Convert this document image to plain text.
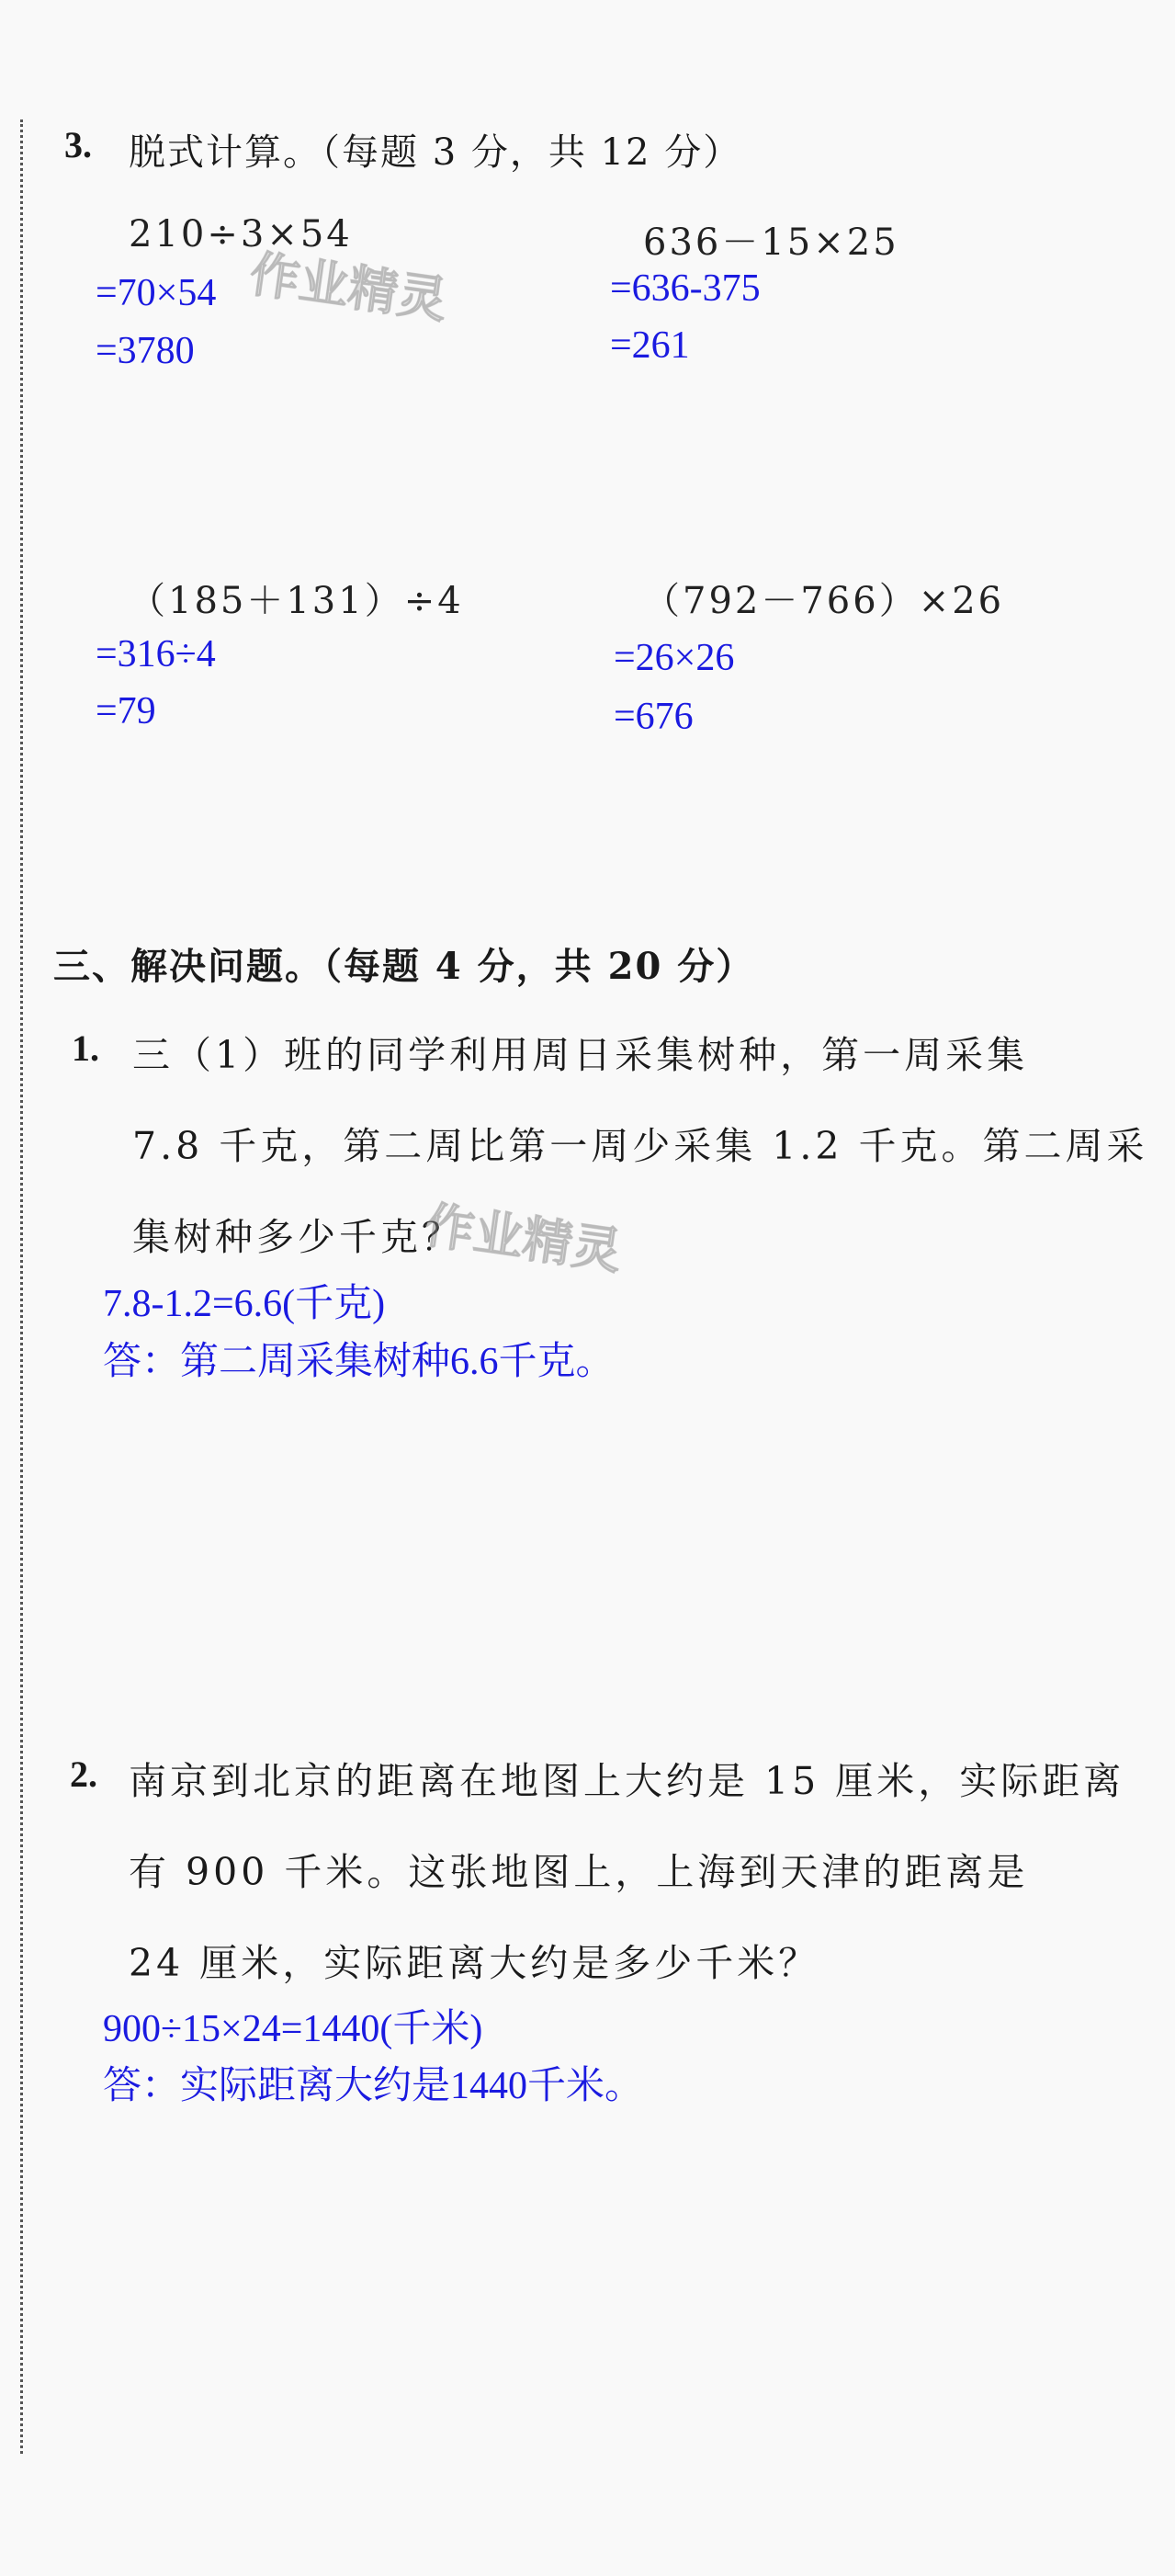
3. 脱式计算。（每题 3 分，共 12 分）
210÷3×54
=70×54
=3780
636－15×25
=636-375
=261
（185＋131）÷4
=316÷4
=79
（792－766）×26
=26×26
=676
三、解决问题。（每题 4 分，共 20 分）
1. 三（1）班的同学利用周日采集树种，第一周采集
7.8 千克，第二周比第一周少采集 1.2 千克。第二周采
集树种多少千克？
7.8-1.2=6.6(千克)
答：第二周采集树种6.6千克。
2. 南京到北京的距离在地图上大约是 15 厘米，实际距离
有 900 千米。这张地图上，上海到天津的距离是
24 厘米，实际距离大约是多少千米？
900÷15×24=1440(千米)
答：实际距离大约是1440千米。
作业精灵
作业精灵
